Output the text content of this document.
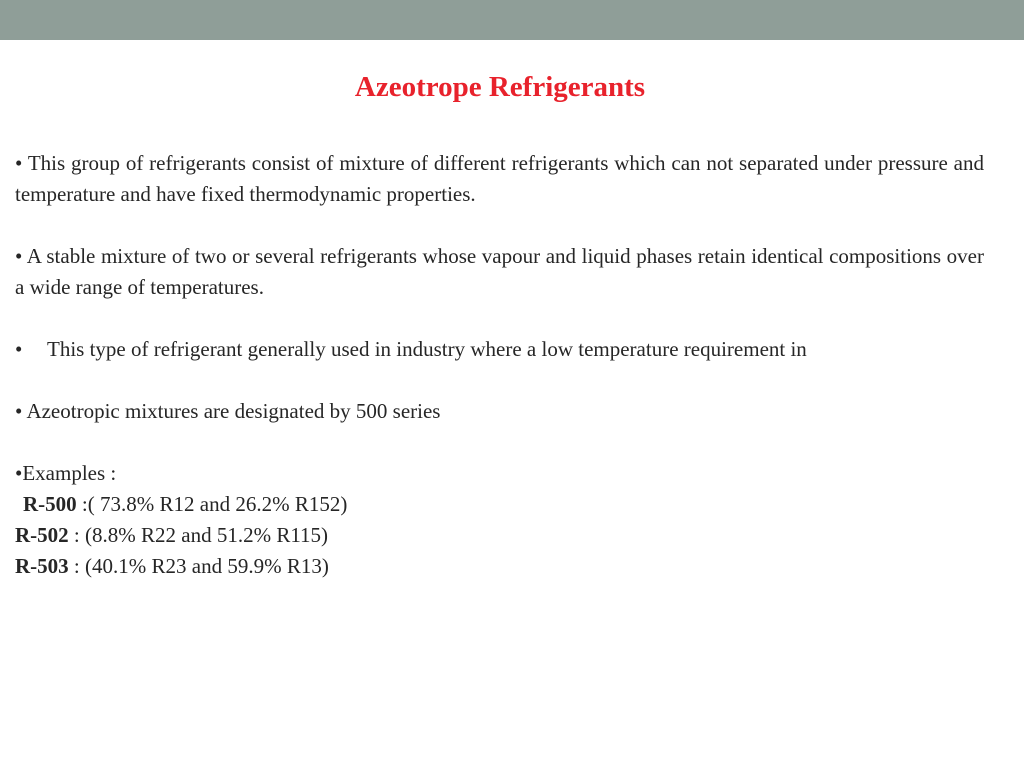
Azeotrope Refrigerants

• This group of refrigerants consist of mixture of different refrigerants which can not separated under pressure and temperature and have fixed thermodynamic properties.

• A stable mixture of two or several refrigerants whose vapour and liquid phases retain identical compositions over a wide range of temperatures.

• This type of refrigerant generally used in industry where a low temperature requirement in

• Azeotropic mixtures are designated by 500 series

•Examples :

R-500 :( 73.8% R12 and 26.2% R152)
R-502 : (8.8% R22 and 51.2% R115)
R-503 : (40.1% R23 and 59.9% R13)
